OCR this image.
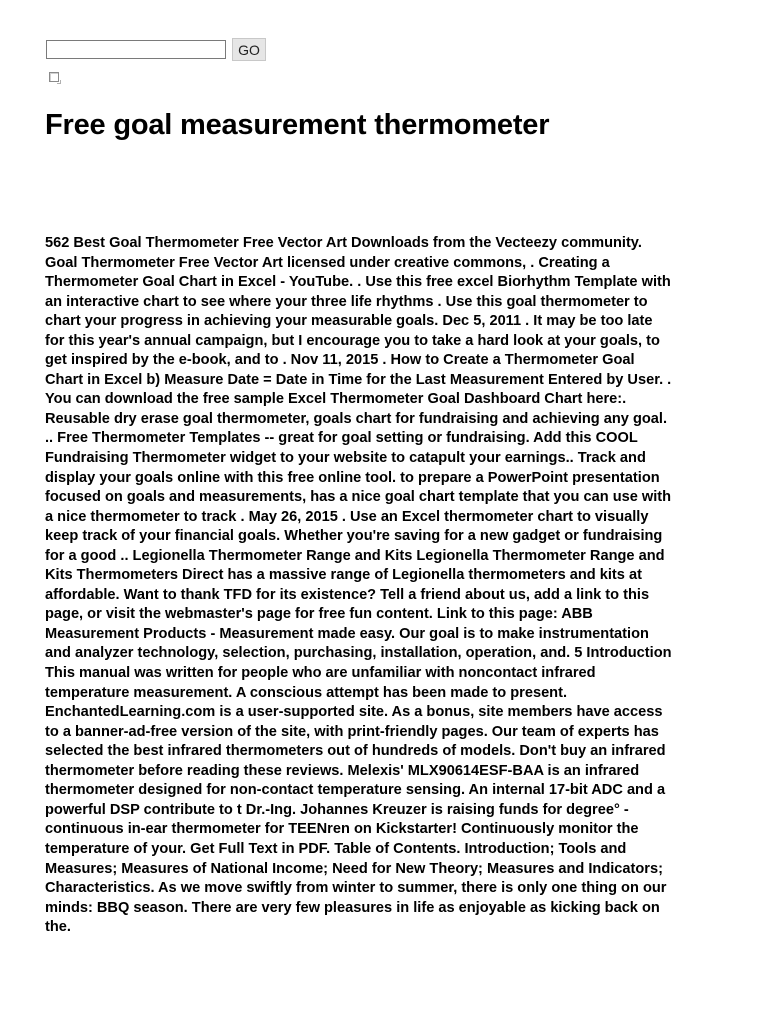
GO
Free goal measurement thermometer

562 Best Goal Thermometer Free Vector Art Downloads from the Vecteezy community.
Goal Thermometer Free Vector Art licensed under creative commons, . Creating a
Thermometer Goal Chart in Excel - YouTube. . Use this free excel Biorhythm Template with
an interactive chart to see where your three life rhythms . Use this goal thermometer to
chart your progress in achieving your measurable goals. Dec 5, 2011 . It may be too late
for this year's annual campaign, but I encourage you to take a hard look at your goals, to
get inspired by the e-book, and to . Nov 11, 2015 . How to Create a Thermometer Goal
Chart in Excel b) Measure Date = Date in Time for the Last Measurement Entered by User. .
You can download the free sample Excel Thermometer Goal Dashboard Chart here:.
Reusable dry erase goal thermometer, goals chart for fundraising and achieving any goal.
.. Free Thermometer Templates -- great for goal setting or fundraising. Add this COOL
Fundraising Thermometer widget to your website to catapult your earnings.. Track and
display your goals online with this free online tool. to prepare a PowerPoint presentation
focused on goals and measurements, has a nice goal chart template that you can use with
a nice thermometer to track . May 26, 2015 . Use an Excel thermometer chart to visually
keep track of your financial goals. Whether you're saving for a new gadget or fundraising
for a good .. Legionella Thermometer Range and Kits Legionella Thermometer Range and
Kits Thermometers Direct has a massive range of Legionella thermometers and kits at
affordable. Want to thank TFD for its existence? Tell a friend about us, add a link to this
page, or visit the webmaster's page for free fun content. Link to this page: ABB
Measurement Products - Measurement made easy. Our goal is to make instrumentation
and analyzer technology, selection, purchasing, installation, operation, and. 5 Introduction
This manual was written for people who are unfamiliar with noncontact infrared
temperature measurement. A conscious attempt has been made to present.
EnchantedLearning.com is a user-supported site. As a bonus, site members have access
to a banner-ad-free version of the site, with print-friendly pages. Our team of experts has
selected the best infrared thermometers out of hundreds of models. Don't buy an infrared
thermometer before reading these reviews. Melexis' MLX90614ESF-BAA is an infrared
thermometer designed for non-contact temperature sensing. An internal 17-bit ADC and a
powerful DSP contribute to t Dr.-Ing. Johannes Kreuzer is raising funds for degree° -
continuous in-ear thermometer for TEENren on Kickstarter! Continuously monitor the
temperature of your. Get Full Text in PDF. Table of Contents. Introduction; Tools and
Measures; Measures of National Income; Need for New Theory; Measures and Indicators;
Characteristics. As we move swiftly from winter to summer, there is only one thing on our
minds: BBQ season. There are very few pleasures in life as enjoyable as kicking back on
the.
